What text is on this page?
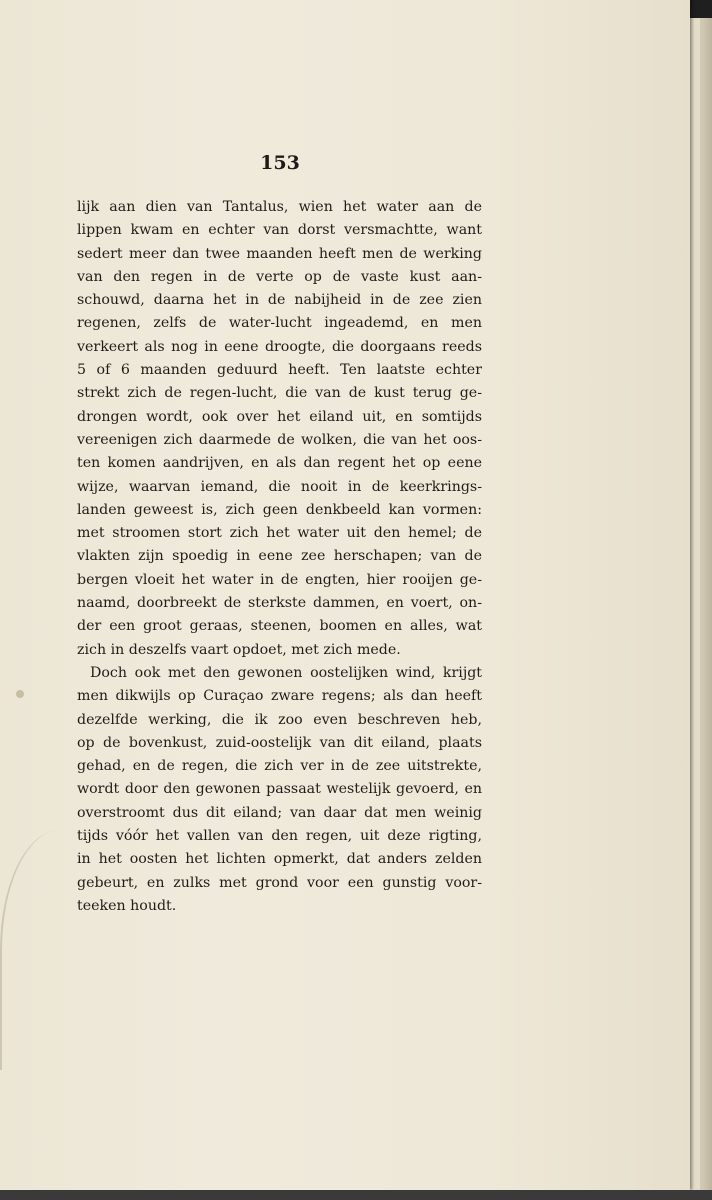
153
lijk aan dien van Tantalus, wien het water aan de
lippen kwam en echter van dorst versmachtte, want
sedert meer dan twee maanden heeft men de werking
van den regen in de verte op de vaste kust aan-
schouwd, daarna het in de nabijheid in de zee zien
regenen, zelfs de water-lucht ingeademd, en men
verkeert als nog in eene droogte, die doorgaans reeds
5 of 6 maanden geduurd heeft. Ten laatste echter
strekt zich de regen-lucht, die van de kust terug ge-
drongen wordt, ook over het eiland uit, en somtijds
vereenigen zich daarmede de wolken, die van het oos-
ten komen aandrijven, en als dan regent het op eene
wijze, waarvan iemand, die nooit in de keerkrings-
landen geweest is, zich geen denkbeeld kan vormen:
met stroomen stort zich het water uit den hemel; de
vlakten zijn spoedig in eene zee herschapen; van de
bergen vloeit het water in de engten, hier rooijen ge-
naamd, doorbreekt de sterkste dammen, en voert, on-
der een groot geraas, steenen, boomen en alles, wat
zich in deszelfs vaart opdoet, met zich mede.
Doch ook met den gewonen oostelijken wind, krijgt
men dikwijls op Curaçao zware regens; als dan heeft
dezelfde werking, die ik zoo even beschreven heb,
op de bovenkust, zuid-oostelijk van dit eiland, plaats
gehad, en de regen, die zich ver in de zee uitstrekte,
wordt door den gewonen passaat westelijk gevoerd, en
overstroomt dus dit eiland; van daar dat men weinig
tijds vóór het vallen van den regen, uit deze rigting,
in het oosten het lichten opmerkt, dat anders zelden
gebeurt, en zulks met grond voor een gunstig voor-
teeken houdt.
